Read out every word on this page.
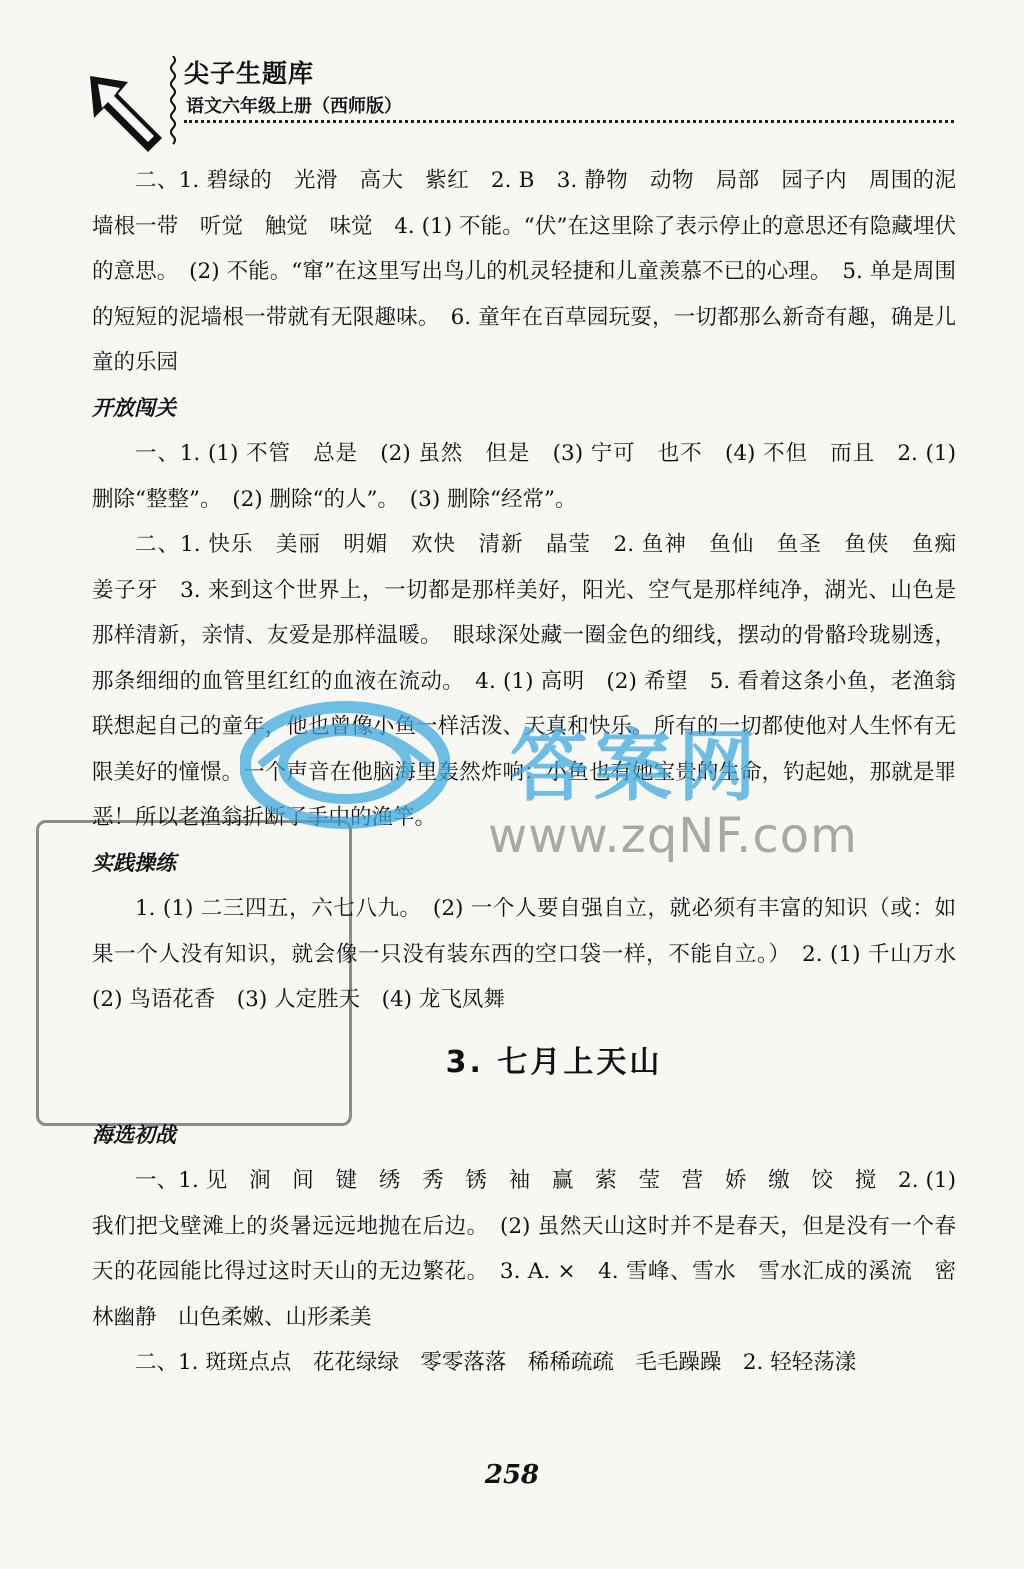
尖子生题库
语文六年级上册（西师版）

二、1. 碧绿的　光滑　高大　紫红　2. B　3. 静物　动物　局部　园子内　周围的泥墙根一带　听觉　触觉　味觉　4. (1) 不能。“伏”在这里除了表示停止的意思还有隐藏埋伏的意思。　(2) 不能。“窜”在这里写出鸟儿的机灵轻捷和儿童羡慕不已的心理。　5. 单是周围的短短的泥墙根一带就有无限趣味。　6. 童年在百草园玩耍，一切都那么新奇有趣，确是儿童的乐园

开放闯关

一、1. (1) 不管　总是　(2) 虽然　但是　(3) 宁可　也不　(4) 不但　而且　2. (1) 删除“整整”。　(2) 删除“的人”。　(3) 删除“经常”。

二、1. 快乐　美丽　明媚　欢快　清新　晶莹　2. 鱼神　鱼仙　鱼圣　鱼侠　鱼痴　姜子牙　3. 来到这个世界上，一切都是那样美好，阳光、空气是那样纯净，湖光、山色是那样清新，亲情、友爱是那样温暖。　眼球深处藏一圈金色的细线，摆动的骨骼玲珑剔透，那条细细的血管里红红的血液在流动。　4. (1) 高明　(2) 希望　5. 看着这条小鱼，老渔翁联想起自己的童年，他也曾像小鱼一样活泼、天真和快乐。所有的一切都使他对人生怀有无限美好的憧憬。一个声音在他脑海里轰然炸响：小鱼也有她宝贵的生命，钓起她，那就是罪恶！所以老渔翁折断了手中的渔竿。

实践操练

1. (1) 二三四五，六七八九。　(2) 一个人要自强自立，就必须有丰富的知识（或：如果一个人没有知识，就会像一只没有装东西的空口袋一样，不能自立。）　2. (1) 千山万水　(2) 鸟语花香　(3) 人定胜天　(4) 龙飞凤舞

3. 七月上天山

海选初战

一、1. 见　涧　间　键　绣　秀　锈　袖　赢　萦　莹　营　娇　缴　饺　搅　2. (1) 我们把戈壁滩上的炎暑远远地抛在后边。　(2) 虽然天山这时并不是春天，但是没有一个春天的花园能比得过这时天山的无边繁花。　3. A. ×　4. 雪峰、雪水　雪水汇成的溪流　密林幽静　山色柔嫩、山形柔美

二、1. 斑斑点点　花花绿绿　零零落落　稀稀疏疏　毛毛躁躁　2. 轻轻荡漾

答案网
www.zqNF.com
258
